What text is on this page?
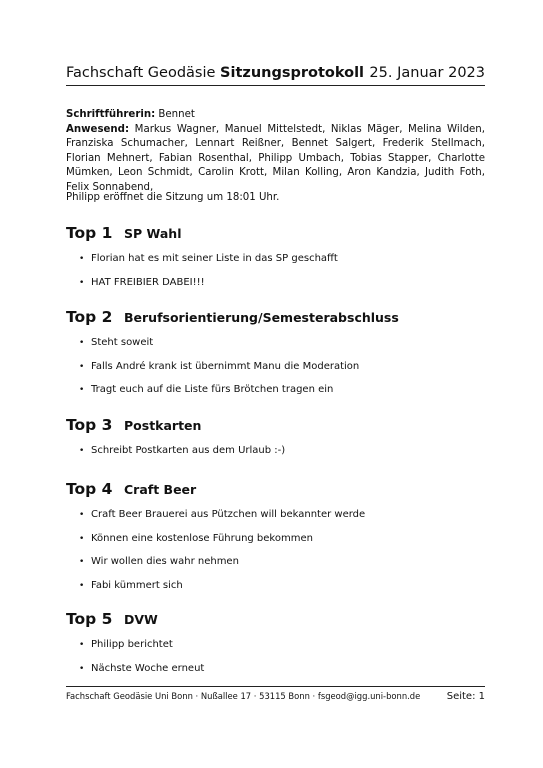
Fachschaft Geodäsie Sitzungsprotokoll 25. Januar 2023
Schriftführerin: Bennet
Anwesend: Markus Wagner, Manuel Mittelstedt, Niklas Mäger, Melina Wilden, Franziska Schumacher, Lennart Reißner, Bennet Salgert, Frederik Stellmach, Florian Mehnert, Fabian Rosenthal, Philipp Umbach, Tobias Stapper, Charlotte Mümken, Leon Schmidt, Carolin Krott, Milan Kolling, Aron Kandzia, Judith Foth, Felix Sonnabend,
Philipp eröffnet die Sitzung um 18:01 Uhr.
Top 1 SP Wahl
• Florian hat es mit seiner Liste in das SP geschafft
• HAT FREIBIER DABEI!!!
Top 2 Berufsorientierung/Semesterabschluss
• Steht soweit
• Falls André krank ist übernimmt Manu die Moderation
• Tragt euch auf die Liste fürs Brötchen tragen ein
Top 3 Postkarten
• Schreibt Postkarten aus dem Urlaub :-)
Top 4 Craft Beer
• Craft Beer Brauerei aus Pützchen will bekannter werde
• Können eine kostenlose Führung bekommen
• Wir wollen dies wahr nehmen
• Fabi kümmert sich
Top 5 DVW
• Philipp berichtet
• Nächste Woche erneut
Fachschaft Geodäsie Uni Bonn · Nußallee 17 · 53115 Bonn · fsgeod@igg.uni-bonn.de	Seite: 1
